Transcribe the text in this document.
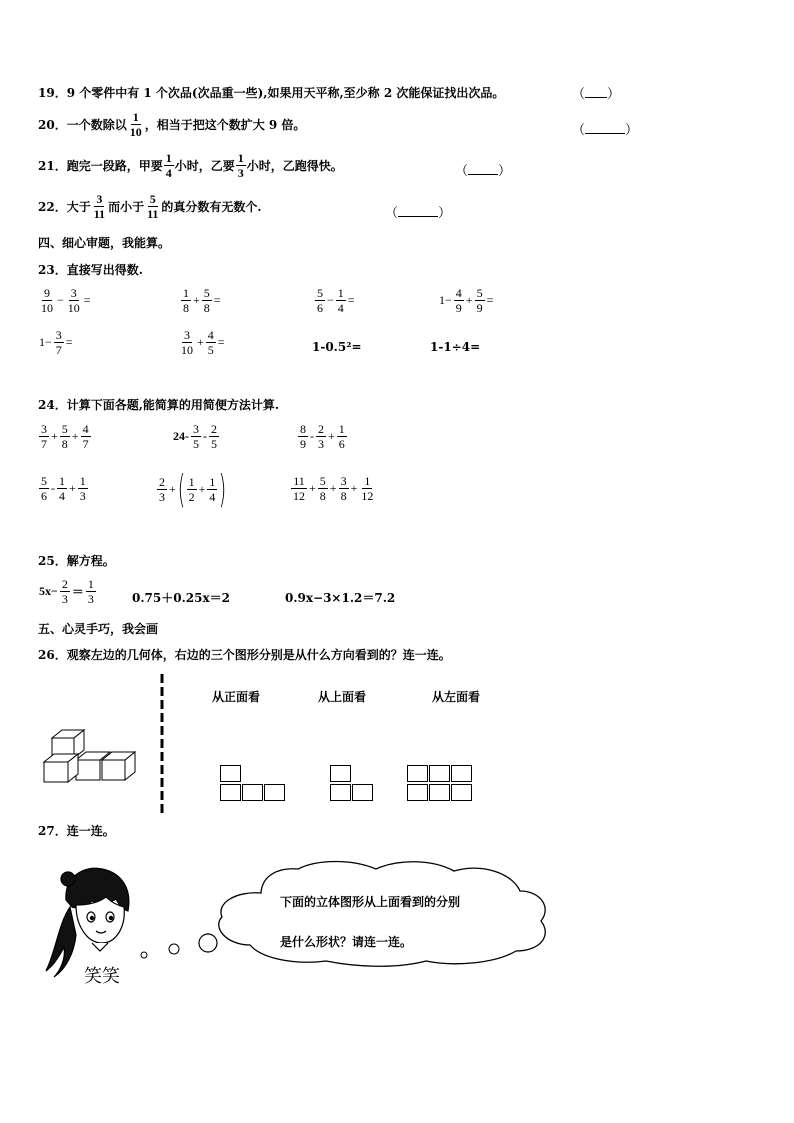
19．9 个零件中有 1 个次品(次品重一些),如果用天平称,至少称 2 次能保证找出次品。	（ ）
20．一个数除以 $\frac{1}{10}$ ，相当于把这个数扩大 9 倍。	（	）
21．跑完一段路，甲要 $\frac{1}{4}$ 小时，乙要 $\frac{1}{3}$ 小时，乙跑得快。	（ ）
22．大于 $\frac{3}{11}$ 而小于 $\frac{5}{11}$ 的真分数有无数个.	（	）
四、细心审题，我能算。
23．直接写出得数.
$\frac{9}{10} - \frac{3}{10}$ =	$\frac{1}{8} + \frac{5}{8}$ =	$\frac{5}{6} - \frac{1}{4}$ =	$1- \frac{4}{9} + \frac{5}{9}$ =
$1- \frac{3}{7}$ =	$\frac{3}{10} + \frac{4}{5}$ =	1-0.5²=	1-1÷4=
24．计算下面各题,能简算的用简便方法计算.
$\frac{3}{7} + \frac{5}{8} + \frac{4}{7}$	$24- \frac{3}{5} - \frac{2}{5}$	$\frac{8}{9} - \frac{2}{3} + \frac{1}{6}$
$\frac{5}{6} - \frac{1}{4} + \frac{1}{3}$	$\frac{2}{3}$ +( $\frac{1}{2} + \frac{1}{4}$ )	$\frac{11}{12} + \frac{5}{8} + \frac{3}{8} + \frac{1}{12}$
25．解方程。
$5x- \frac{2}{3} = \frac{1}{3}$	0.75＋0.25x＝2	0.9x−3×1.2＝7.2
五、心灵手巧，我会画
26．观察左边的几何体，右边的三个图形分别是从什么方向看到的？连一连。
从正面看	从上面看	从左面看
27．连一连。
笑笑
下面的立体图形从上面看到的分别
是什么形状？请连一连。
